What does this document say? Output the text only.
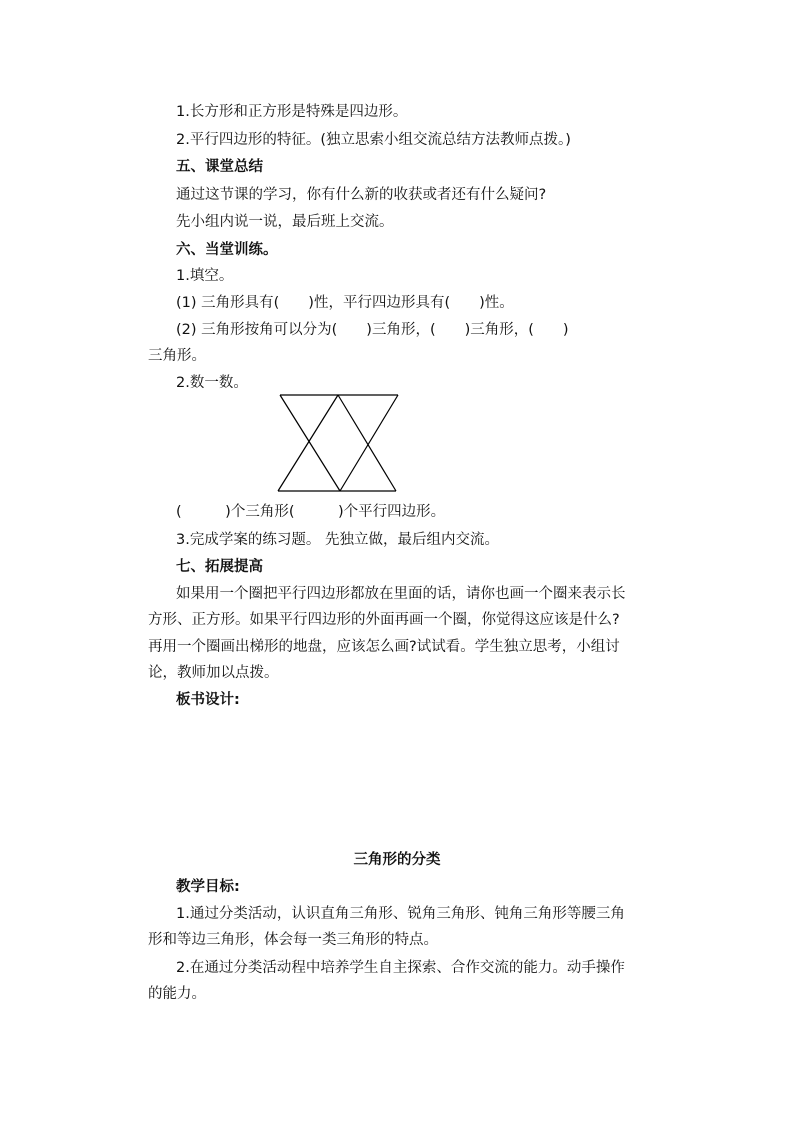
1.长方形和正方形是特殊是四边形。
2.平行四边形的特征。(独立思索小组交流总结方法教师点拨。)
五、课堂总结
通过这节课的学习，你有什么新的收获或者还有什么疑问?
先小组内说一说，最后班上交流。
六、当堂训练。
1.填空。
(1) 三角形具有(　　)性，平行四边形具有(　　)性。
(2) 三角形按角可以分为(　　)三角形，(　　)三角形，(　　)
三角形。
2.数一数。
(　　　)个三角形(　　　)个平行四边形。
3.完成学案的练习题。 先独立做，最后组内交流。
七、拓展提高
如果用一个圈把平行四边形都放在里面的话，请你也画一个圈来表示长
方形、正方形。如果平行四边形的外面再画一个圈，你觉得这应该是什么?
再用一个圈画出梯形的地盘，应该怎么画?试试看。学生独立思考，小组讨
论，教师加以点拨。
板书设计:
三角形的分类
教学目标:
1.通过分类活动，认识直角三角形、锐角三角形、钝角三角形等腰三角
形和等边三角形，体会每一类三角形的特点。
2.在通过分类活动程中培养学生自主探索、合作交流的能力。动手操作
的能力。
